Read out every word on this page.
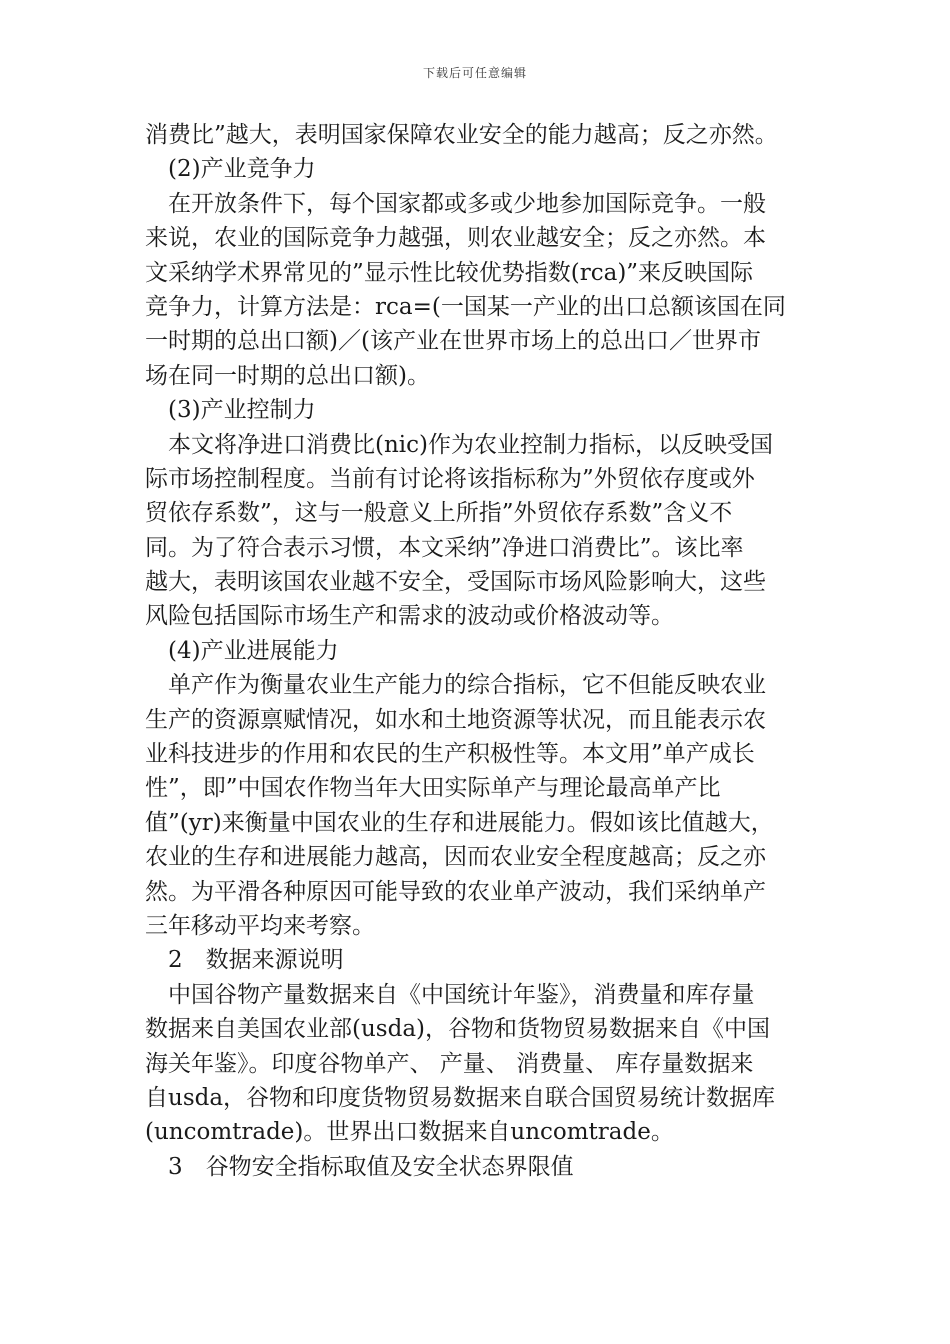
下载后可任意编辑
消费比”越大，表明国家保障农业安全的能力越高；反之亦然。
(2)产业竞争力
在开放条件下，每个国家都或多或少地参加国际竞争。一般
来说，农业的国际竞争力越强，则农业越安全；反之亦然。本
文采纳学术界常见的”显示性比较优势指数(rca)”来反映国际
竞争力，计算方法是：rca=(一国某一产业的出口总额该国在同
一时期的总出口额)／(该产业在世界市场上的总出口／世界市
场在同一时期的总出口额)。
(3)产业控制力
本文将净进口消费比(nic)作为农业控制力指标，以反映受国
际市场控制程度。当前有讨论将该指标称为”外贸依存度或外
贸依存系数”，这与一般意义上所指”外贸依存系数”含义不
同。为了符合表示习惯，本文采纳”净进口消费比”。该比率
越大，表明该国农业越不安全，受国际市场风险影响大，这些
风险包括国际市场生产和需求的波动或价格波动等。
(4)产业进展能力
单产作为衡量农业生产能力的综合指标，它不但能反映农业
生产的资源禀赋情况，如水和土地资源等状况，而且能表示农
业科技进步的作用和农民的生产积极性等。本文用”单产成长
性”，即”中国农作物当年大田实际单产与理论最高单产比
值”(yr)来衡量中国农业的生存和进展能力。假如该比值越大，
农业的生存和进展能力越高，因而农业安全程度越高；反之亦
然。为平滑各种原因可能导致的农业单产波动，我们采纳单产
三年移动平均来考察。
2　数据来源说明
中国谷物产量数据来自《中国统计年鉴》，消费量和库存量
数据来自美国农业部(usda)，谷物和货物贸易数据来自《中国
海关年鉴》。印度谷物单产、 产量、 消费量、 库存量数据来
自usda，谷物和印度货物贸易数据来自联合国贸易统计数据库
(uncomtrade)。世界出口数据来自uncomtrade。
3　谷物安全指标取值及安全状态界限值
